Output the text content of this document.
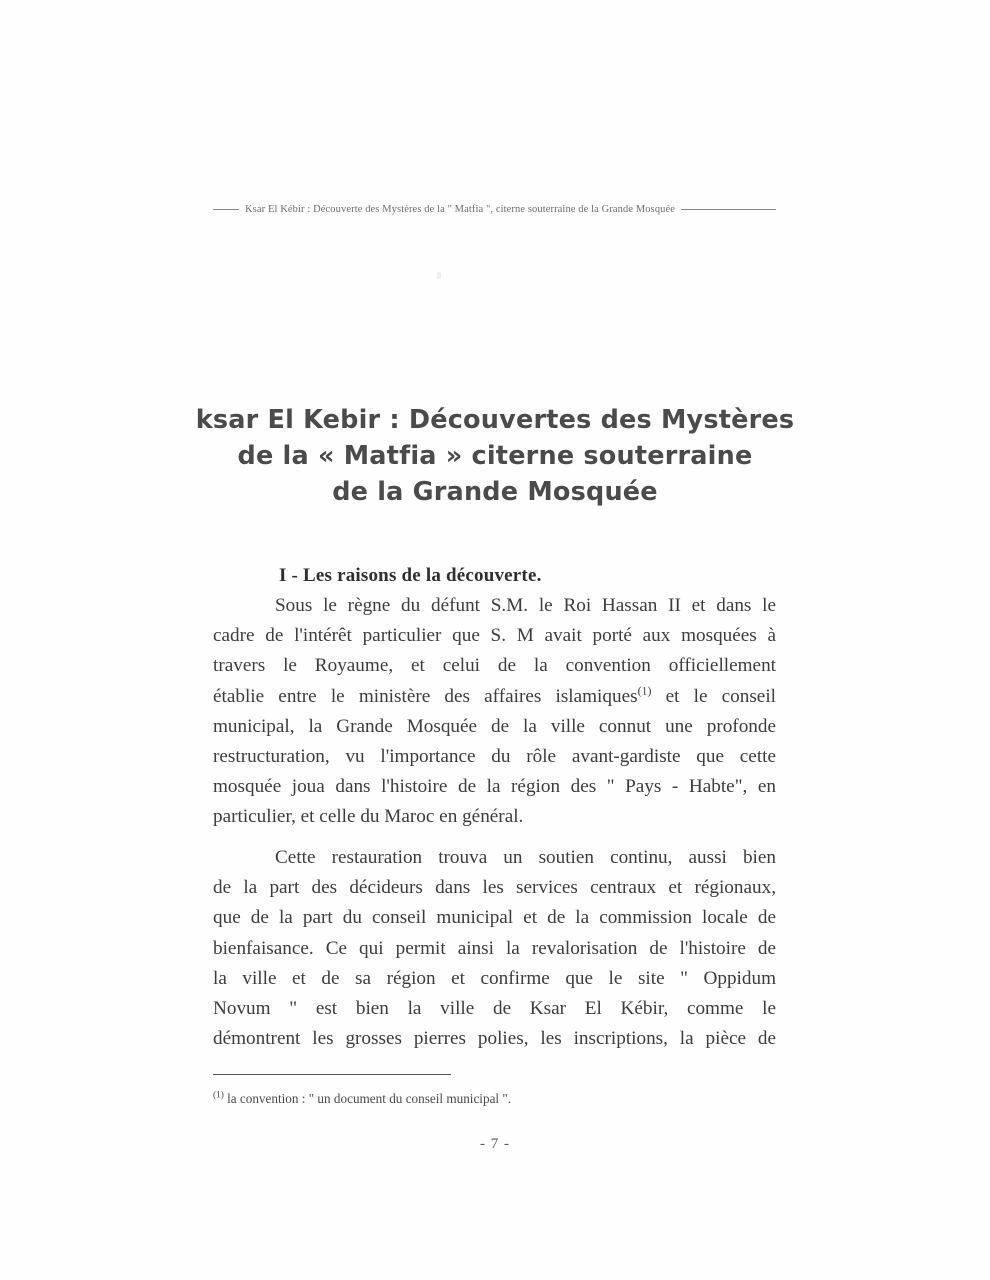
Ksar El Kébir : Découverte des Mystères de la " Matfia ", citerne souterraine de la Grande Mosquée
ksar El Kebir : Découvertes des Mystères
de la « Matfia » citerne souterraine
de la Grande Mosquée
I - Les raisons de la découverte.
Sous le règne du défunt S.M. le Roi Hassan II et dans le
cadre de l'intérêt particulier que S. M avait porté aux mosquées à
travers le Royaume, et celui de la convention officiellement
établie entre le ministère des affaires islamiques$^{(1)}$ et le conseil
municipal, la Grande Mosquée de la ville connut une profonde
restructuration, vu l'importance du rôle avant-gardiste que cette
mosquée joua dans l'histoire de la région des " Pays - Habte", en
particulier, et celle du Maroc en général.
Cette restauration trouva un soutien continu, aussi bien
de la part des décideurs dans les services centraux et régionaux,
que de la part du conseil municipal et de la commission locale de
bienfaisance. Ce qui permit ainsi la revalorisation de l'histoire de
la ville et de sa région et confirme que le site " Oppidum
Novum " est bien la ville de Ksar El Kébir, comme le
démontrent les grosses pierres polies, les inscriptions, la pièce de
$^{(1)}$ la convention : " un document du conseil municipal ".
- 7 -
